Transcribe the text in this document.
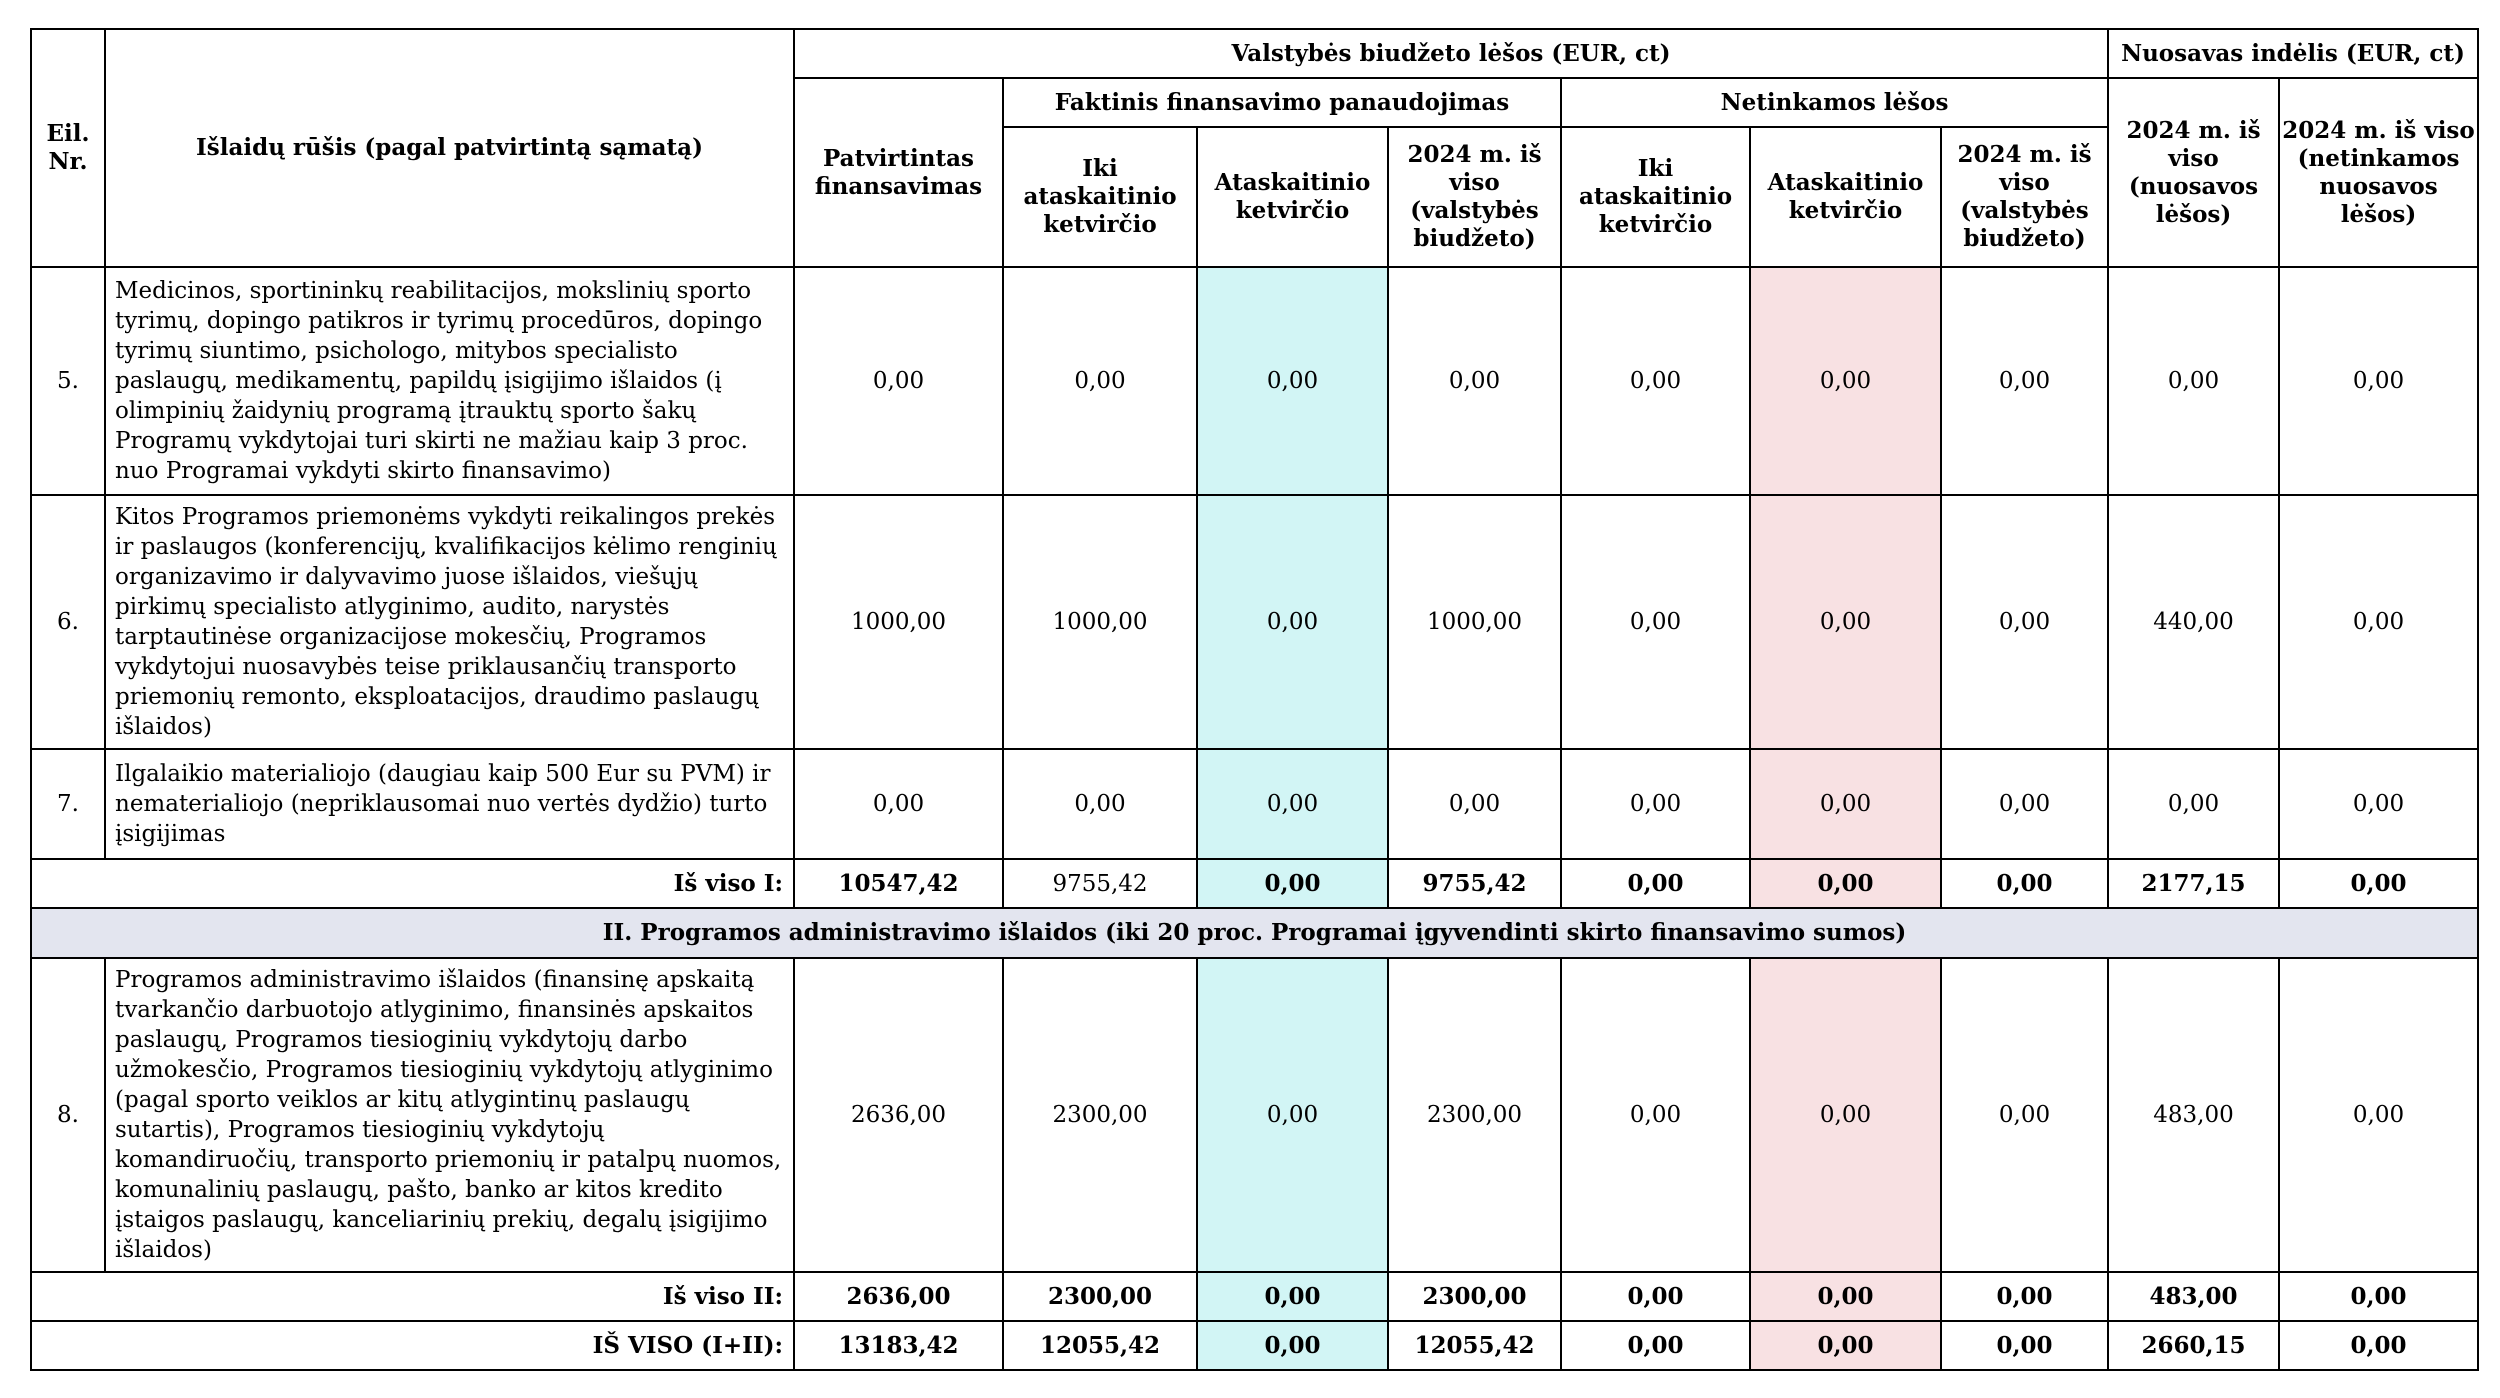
Eil. Nr.	Išlaidų rūšis (pagal patvirtintą sąmatą)	Valstybės biudžeto lėšos (EUR, ct)							Nuosavas indėlis (EUR, ct)	
		Patvirtintas finansavimas	Faktinis finansavimo panaudojimas			Netinkamos lėšos			2024 m. iš viso (nuosavos lėšos)	2024 m. iš viso (netinkamos nuosavos lėšos)
			Iki ataskaitinio ketvirčio	Ataskaitinio ketvirčio	2024 m. iš viso (valstybės biudžeto)	Iki ataskaitinio ketvirčio	Ataskaitinio ketvirčio	2024 m. iš viso (valstybės biudžeto)		
5.	Medicinos, sportininkų reabilitacijos, mokslinių sporto tyrimų, dopingo patikros ir tyrimų procedūros, dopingo tyrimų siuntimo, psichologo, mitybos specialisto paslaugų, medikamentų, papildų įsigijimo išlaidos (į olimpinių žaidynių programą įtrauktų sporto šakų Programų vykdytojai turi skirti ne mažiau kaip 3 proc. nuo Programai vykdyti skirto finansavimo)	0,00	0,00	0,00	0,00	0,00	0,00	0,00	0,00	0,00
6.	Kitos Programos priemonėms vykdyti reikalingos prekės ir paslaugos (konferencijų, kvalifikacijos kėlimo renginių organizavimo ir dalyvavimo juose išlaidos, viešųjų pirkimų specialisto atlyginimo, audito, narystės tarptautinėse organizacijose mokesčių, Programos vykdytojui nuosavybės teise priklausančių transporto priemonių remonto, eksploatacijos, draudimo paslaugų išlaidos)	1000,00	1000,00	0,00	1000,00	0,00	0,00	0,00	440,00	0,00
7.	Ilgalaikio materialiojo (daugiau kaip 500 Eur su PVM) ir nematerialiojo (nepriklausomai nuo vertės dydžio) turto įsigijimas	0,00	0,00	0,00	0,00	0,00	0,00	0,00	0,00	0,00
Iš viso I:		10547,42	9755,42	0,00	9755,42	0,00	0,00	0,00	2177,15	0,00
II. Programos administravimo išlaidos (iki 20 proc. Programai įgyvendinti skirto finansavimo sumos)										
8.	Programos administravimo išlaidos (finansinę apskaitą tvarkančio darbuotojo atlyginimo, finansinės apskaitos paslaugų, Programos tiesioginių vykdytojų darbo užmokesčio, Programos tiesioginių vykdytojų atlyginimo (pagal sporto veiklos ar kitų atlygintinų paslaugų sutartis), Programos tiesioginių vykdytojų komandiruočių, transporto priemonių ir patalpų nuomos, komunalinių paslaugų, pašto, banko ar kitos kredito įstaigos paslaugų, kanceliarinių prekių, degalų įsigijimo išlaidos)	2636,00	2300,00	0,00	2300,00	0,00	0,00	0,00	483,00	0,00
Iš viso II:		2636,00	2300,00	0,00	2300,00	0,00	0,00	0,00	483,00	0,00
IŠ VISO (I+II):		13183,42	12055,42	0,00	12055,42	0,00	0,00	0,00	2660,15	0,00
